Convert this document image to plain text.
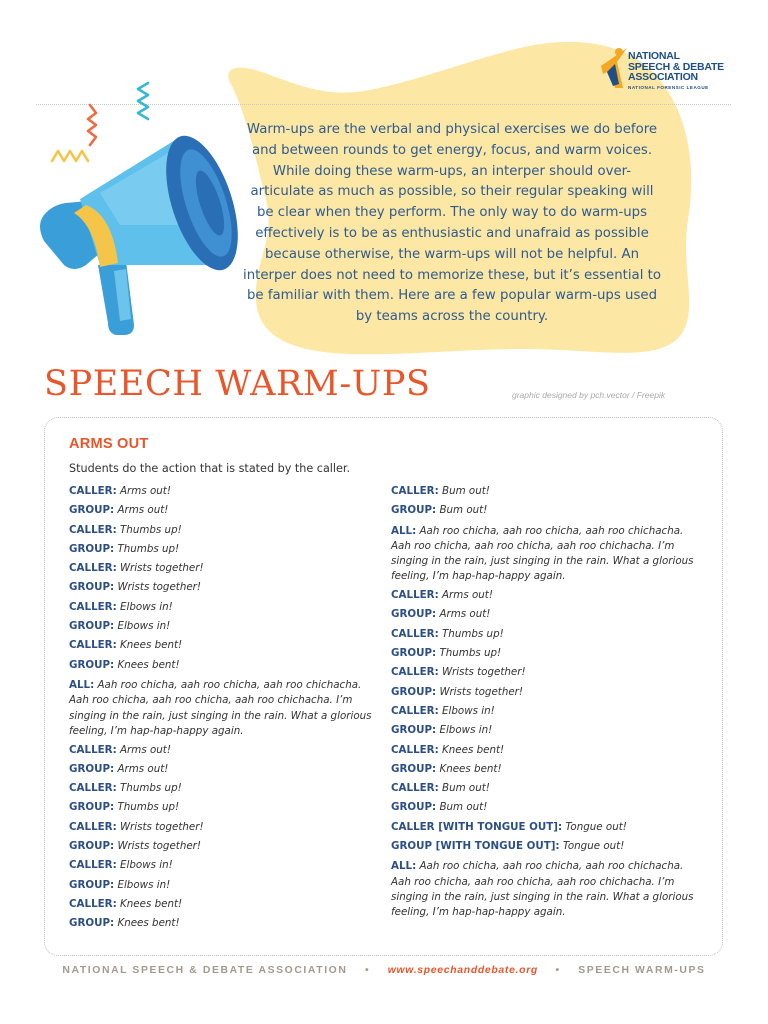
Warm-ups are the verbal and physical exercises we do before and between rounds to get energy, focus, and warm voices. While doing these warm-ups, an interper should over-articulate as much as possible, so their regular speaking will be clear when they perform. The only way to do warm-ups effectively is to be as enthusiastic and unafraid as possible because otherwise, the warm-ups will not be helpful. An interper does not need to memorize these, but it’s essential to be familiar with them. Here are a few popular warm-ups used by teams across the country.
NATIONAL
SPEECH & DEBATE
ASSOCIATION
NATIONAL FORENSIC LEAGUE
SPEECH WARM-UPS	graphic designed by pch.vector / Freepik
ARMS OUT
Students do the action that is stated by the caller.
CALLER: Arms out!
GROUP: Arms out!
CALLER: Thumbs up!
GROUP: Thumbs up!
CALLER: Wrists together!
GROUP: Wrists together!
CALLER: Elbows in!
GROUP: Elbows in!
CALLER: Knees bent!
GROUP: Knees bent!
ALL: Aah roo chicha, aah roo chicha, aah roo chichacha. Aah roo chicha, aah roo chicha, aah roo chichacha. I’m singing in the rain, just singing in the rain. What a glorious feeling, I’m hap-hap-happy again.
CALLER: Arms out!
GROUP: Arms out!
CALLER: Thumbs up!
GROUP: Thumbs up!
CALLER: Wrists together!
GROUP: Wrists together!
CALLER: Elbows in!
GROUP: Elbows in!
CALLER: Knees bent!
GROUP: Knees bent!
CALLER: Bum out!
GROUP: Bum out!
ALL: Aah roo chicha, aah roo chicha, aah roo chichacha. Aah roo chicha, aah roo chicha, aah roo chichacha. I’m singing in the rain, just singing in the rain. What a glorious feeling, I’m hap-hap-happy again.
CALLER: Arms out!
GROUP: Arms out!
CALLER: Thumbs up!
GROUP: Thumbs up!
CALLER: Wrists together!
GROUP: Wrists together!
CALLER: Elbows in!
GROUP: Elbows in!
CALLER: Knees bent!
GROUP: Knees bent!
CALLER: Bum out!
GROUP: Bum out!
CALLER [WITH TONGUE OUT]: Tongue out!
GROUP [WITH TONGUE OUT]: Tongue out!
ALL: Aah roo chicha, aah roo chicha, aah roo chichacha. Aah roo chicha, aah roo chicha, aah roo chichacha. I’m singing in the rain, just singing in the rain. What a glorious feeling, I’m hap-hap-happy again.
NATIONAL SPEECH & DEBATE ASSOCIATION • www.speechanddebate.org • SPEECH WARM-UPS
